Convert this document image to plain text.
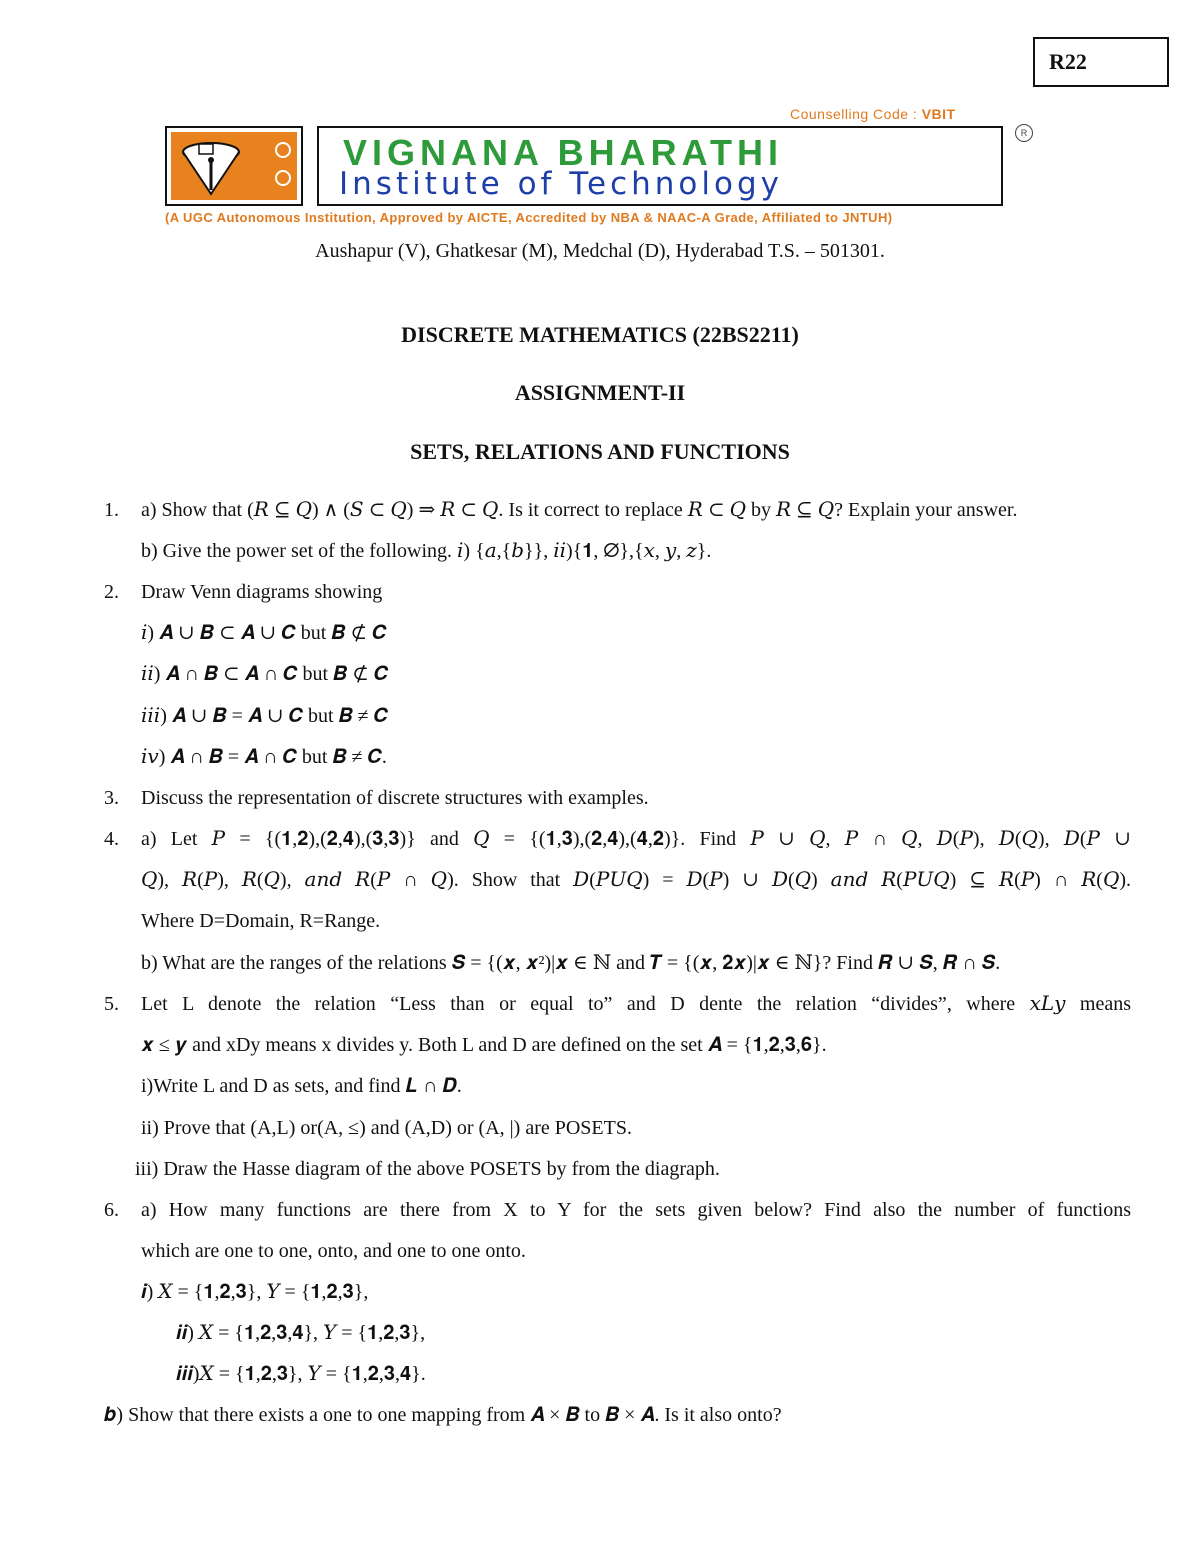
R22
Counselling Code : VBIT
R
VIGNANA BHARATHI
Institute of Technology
(A UGC Autonomous Institution, Approved by AICTE, Accredited by NBA & NAAC-A Grade, Affiliated to JNTUH)
Aushapur (V), Ghatkesar (M), Medchal (D), Hyderabad T.S. – 501301.
DISCRETE MATHEMATICS (22BS2211)
ASSIGNMENT-II
SETS, RELATIONS AND FUNCTIONS
1. a) Show that (𝑅 ⊆ 𝑄) ∧ (𝑆 ⊂ 𝑄) ⇒ 𝑅 ⊂ 𝑄. Is it correct to replace 𝑅 ⊂ 𝑄 by 𝑅 ⊆ 𝑄? Explain your answer.
b) Give the power set of the following. 𝑖) {𝑎,{𝑏}}, 𝑖𝑖){𝟏, ∅},{𝑥, 𝑦, 𝑧}.
2. Draw Venn diagrams showing
𝑖) 𝑨 ∪ 𝑩 ⊂ 𝑨 ∪ 𝑪 but 𝑩 ⊄ 𝑪
𝑖𝑖) 𝑨 ∩ 𝑩 ⊂ 𝑨 ∩ 𝑪 but 𝑩 ⊄ 𝑪
𝑖𝑖𝑖) 𝑨 ∪ 𝑩 = 𝑨 ∪ 𝑪 but 𝑩 ≠ 𝑪
𝑖𝑣) 𝑨 ∩ 𝑩 = 𝑨 ∩ 𝑪 but 𝑩 ≠ 𝑪.
3. Discuss the representation of discrete structures with examples.
4. a) Let 𝑃 = {(𝟏,𝟐),(𝟐,𝟒),(𝟑,𝟑)} and 𝑄 = {(𝟏,𝟑),(𝟐,𝟒),(𝟒,𝟐)}. Find 𝑃 ∪ 𝑄, 𝑃 ∩ 𝑄, 𝐷(𝑃), 𝐷(𝑄), 𝐷(𝑃 ∪
𝑄), 𝑅(𝑃), 𝑅(𝑄), 𝑎𝑛𝑑 𝑅(𝑃 ∩ 𝑄). Show that 𝐷(𝑃𝑈𝑄) = 𝐷(𝑃) ∪ 𝐷(𝑄) 𝑎𝑛𝑑 𝑅(𝑃𝑈𝑄) ⊆ 𝑅(𝑃) ∩ 𝑅(𝑄).
Where D=Domain, R=Range.
b) What are the ranges of the relations 𝑺 = {(𝒙, 𝒙²)|𝒙 ∈ ℕ and 𝑻 = {(𝒙, 𝟐𝒙)|𝒙 ∈ ℕ}? Find 𝑹 ∪ 𝑺, 𝑹 ∩ 𝑺.
5. Let L denote the relation “Less than or equal to” and D dente the relation “divides”, where 𝑥𝐿𝑦 means
𝒙 ≤ 𝒚 and xDy means x divides y. Both L and D are defined on the set 𝑨 = {𝟏,𝟐,𝟑,𝟔}.
i)Write L and D as sets, and find 𝑳 ∩ 𝑫.
ii) Prove that (A,L) or(A, ≤) and (A,D) or (A, |) are POSETS.
iii) Draw the Hasse diagram of the above POSETS by from the diagraph.
6. a) How many functions are there from X to Y for the sets given below? Find also the number of functions
which are one to one, onto, and one to one onto.
𝒊) 𝑋 = {𝟏,𝟐,𝟑}, 𝑌 = {𝟏,𝟐,𝟑},
𝒊𝒊) 𝑋 = {𝟏,𝟐,𝟑,𝟒}, 𝑌 = {𝟏,𝟐,𝟑},
𝒊𝒊𝒊)𝑋 = {𝟏,𝟐,𝟑}, 𝑌 = {𝟏,𝟐,𝟑,𝟒}.
𝒃) Show that there exists a one to one mapping from 𝑨 × 𝑩 to 𝑩 × 𝑨. Is it also onto?
